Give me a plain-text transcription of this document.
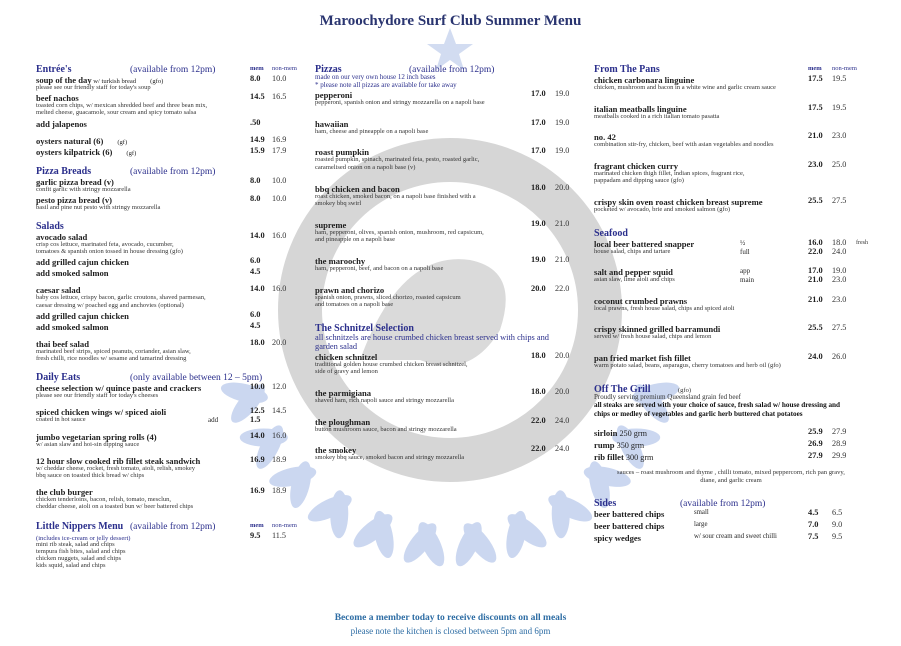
Maroochydore Surf Club Summer Menu
Entrée's	(available from 12pm)	mem non-mem
soup of the day w/ turkish bread (gfo)	8.0 10.0
please see our friendly staff for today's soup
beef nachos	14.5 16.5
toasted corn chips, w/ mexican shredded beef and three bean mix,
melted cheese, guacamole, sour cream and spicy tomato salsa
add jalapenos	.50
oysters natural (6) (gf)	14.9 16.9
oysters kilpatrick (6) (gf)	15.9 17.9
Pizza Breads	(available from 12pm)
garlic pizza bread (v)	8.0 10.0
confit garlic with stringy mozzarella
pesto pizza bread (v)	8.0 10.0
basil and pine nut pesto with stringy mozzarella
Salads
avocado salad	14.0 16.0
crisp cos lettuce, marinated feta, avocado, cucumber,
tomatoes & spanish onion tossed in house dressing (gfo)
add grilled cajun chicken	6.0
add smoked salmon	4.5
caesar salad	14.0 16.0
baby cos lettuce, crispy bacon, garlic croutons, shaved parmesan,
caesar dressing w/ poached egg and anchovies (optional)
add grilled cajun chicken	6.0
add smoked salmon	4.5
thai beef salad	18.0 20.0
marinated beef strips, spiced peanuts, coriander, asian slaw,
fresh chilli, rice noodles w/ sesame and tamarind dressing
Daily Eats	(only available between 12 – 5pm)
cheese selection w/ quince paste and crackers	10.0 12.0
please see our friendly staff for today's cheeses
spiced chicken wings w/ spiced aioli	12.5 14.5
coated in hot sauce	add	1.5
jumbo vegetarian spring rolls (4)	14.0 16.0
w/ asian slaw and hoi-sin dipping sauce
12 hour slow cooked rib fillet steak sandwich	16.9 18.9
w/ cheddar cheese, rocket, fresh tomato, aioli, relish, smokey
bbq sauce on toasted thick bread w/ chips
the club burger	16.9 18.9
chicken tenderloins, bacon, relish, tomato, mesclun,
cheddar cheese, aioli on a toasted bun w/ beer battered chips
Little Nippers Menu (available from 12pm)	mem non-mem
(includes ice-cream or jelly dessert)	9.5 11.5
mini rib steak, salad and chips
tempura fish bites, salad and chips
chicken nuggets, salad and chips
kids squid, salad and chips
Pizzas	(available from 12pm)
made on our very own house 12 inch bases
* please note all pizzas are available for take away
pepperoni	17.0 19.0
pepperoni, spanish onion and stringy mozzarella on a napoli base
hawaiian	17.0 19.0
ham, cheese and pineapple on a napoli base
roast pumpkin	17.0 19.0
roasted pumpkin, spinach, marinated feta, pesto, roasted garlic,
caramelised onion on a napoli base (v)
bbq chicken and bacon	18.0 20.0
roast chicken, smoked bacon, on a napoli base finished with a
smokey bbq swirl
supreme	19.0 21.0
ham, pepperoni, olives, spanish onion, mushroom, red capsicum,
and pineapple on a napoli base
the maroochy	19.0 21.0
ham, pepperoni, beef, and bacon on a napoli base
prawn and chorizo	20.0 22.0
spanish onion, prawns, sliced chorizo, roasted capsicum
and tomatoes on a napoli base
The Schnitzel Selection
all schnitzels are house crumbed chicken breast served with chips and
garden salad
chicken schnitzel	18.0 20.0
traditional golden house crumbed chicken breast schnitzel,
side of gravy and lemon
the parmigiana	18.0 20.0
shaved ham, rich napoli sauce and stringy mozzarella
the ploughman	22.0 24.0
button mushroom sauce, bacon and stringy mozzarella
the smokey	22.0 24.0
smokey bbq sauce, smoked bacon and stringy mozzarella
From The Pans	mem non-mem
chicken carbonara linguine	17.5 19.5
chicken, mushroom and bacon in a white wine and garlic cream sauce
italian meatballs linguine	17.5 19.5
meatballs cooked in a rich italian tomato pasatta
no. 42	21.0 23.0
combination stir-fry, chicken, beef with asian vegetables and noodles
fragrant chicken curry	23.0 25.0
marinated chicken thigh fillet, indian spices, fragrant rice,
pappadam and dipping sauce (gfo)
crispy skin oven roast chicken breast supreme	25.5 27.5
pocketed w/ avocado, brie and smoked salmon (gfo)
Seafood
local beer battered snapper	½	16.0 18.0 fresh
house salad, chips and tartare	full	22.0 24.0
salt and pepper squid	app	17.0 19.0
asian slaw, lime aioli and chips	main	21.0 23.0
coconut crumbed prawns	21.0 23.0
local prawns, fresh house salad, chips and spiced aioli
crispy skinned grilled barramundi	25.5 27.5
served w/ fresh house salad, chips and lemon
pan fried market fish fillet	24.0 26.0
warm potato salad, beans, asparagus, cherry tomatoes and herb oil (gfo)
Off The Grill	(gfo)
Proudly serving premium Queensland grain fed beef
all steaks are served with your choice of sauce, fresh salad w/ house dressing and
chips or medley of vegetables and garlic herb buttered chat potatoes
sirloin 250 grm	25.9 27.9
rump 350 grm	26.9 28.9
rib fillet 300 grm	27.9 29.9
sauces – roast mushroom and thyme , chilli tomato, mixed peppercorn, rich pan gravy,
diane, and garlic cream
Sides	(available from 12pm)
beer battered chips	small	4.5 6.5
beer battered chips	large	7.0 9.0
spicy wedges	w/ sour cream and sweet chilli	7.5 9.5
Become a member today to receive discounts on all meals
please note the kitchen is closed between 5pm and 6pm
